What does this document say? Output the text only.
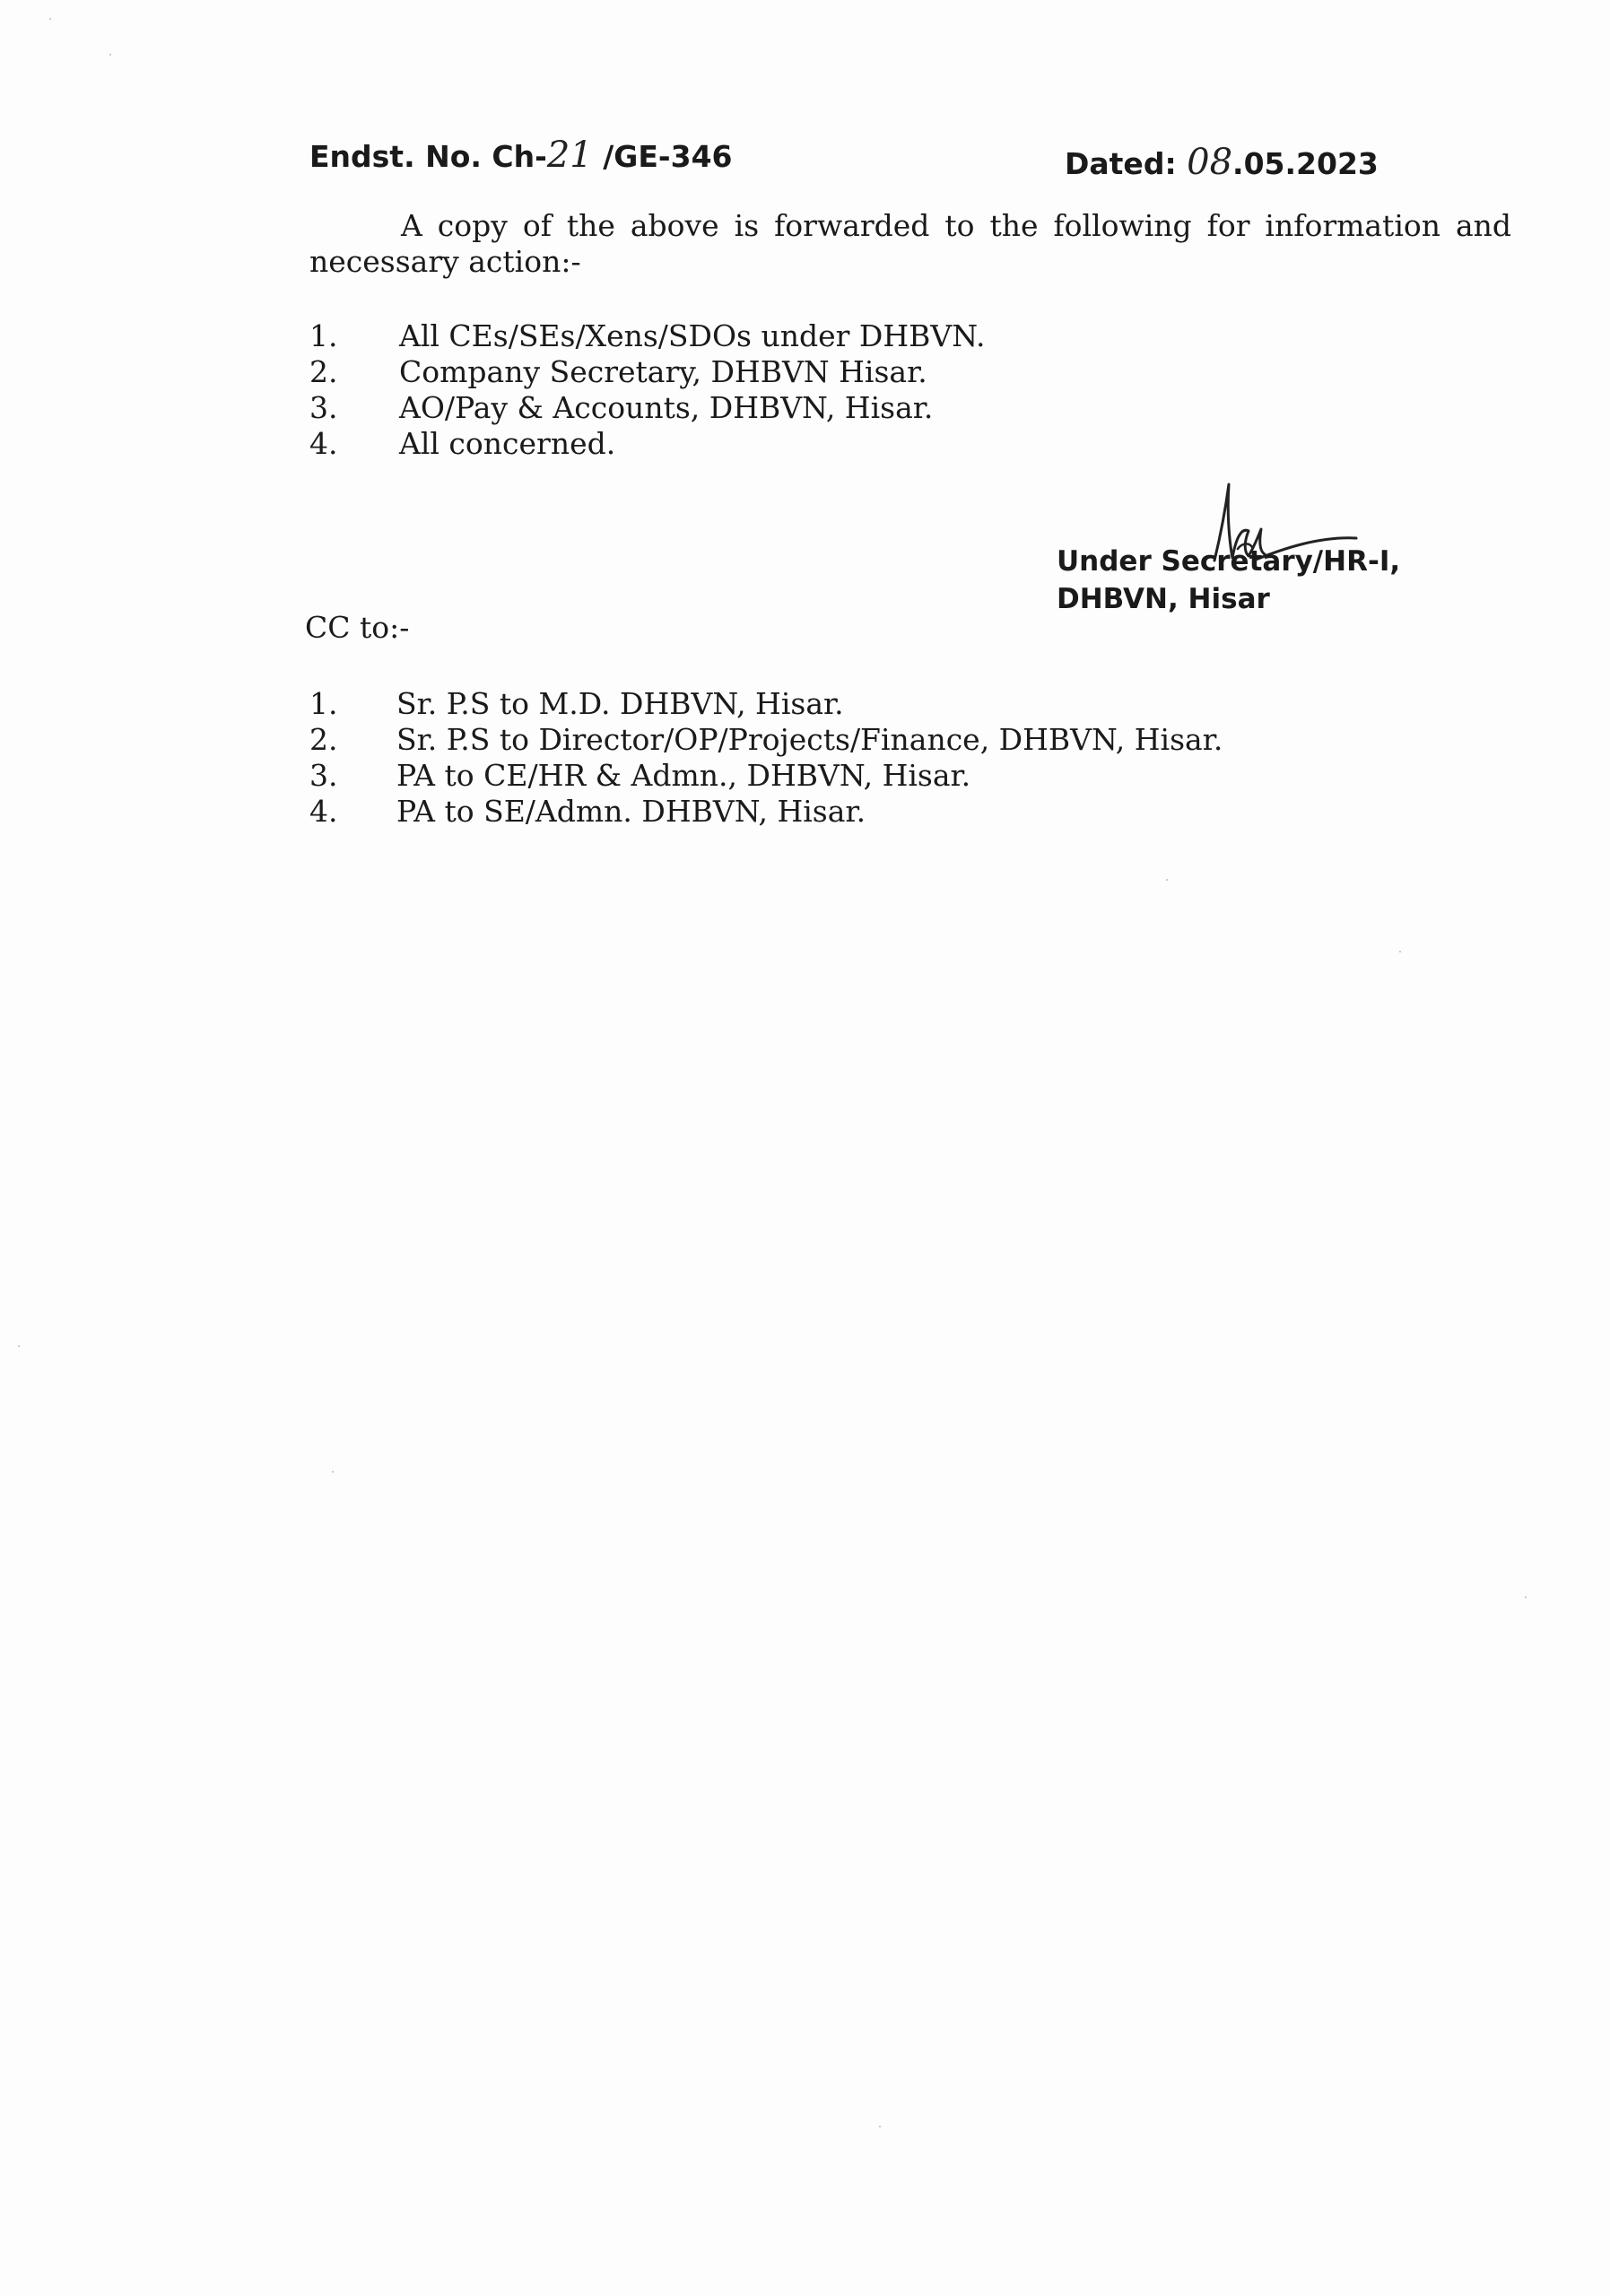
Endst. No. Ch-21 /GE-346	Dated: 08.05.2023
A copy of the above is forwarded to the following for information and necessary action:-
1.	All CEs/SEs/Xens/SDOs under DHBVN.
2.	Company Secretary, DHBVN Hisar.
3.	AO/Pay & Accounts, DHBVN, Hisar.
4.	All concerned.
Under Secretary/HR-I,
DHBVN, Hisar
CC to:-
1.	Sr. P.S to M.D. DHBVN, Hisar.
2.	Sr. P.S to Director/OP/Projects/Finance, DHBVN, Hisar.
3.	PA to CE/HR & Admn., DHBVN, Hisar.
4.	PA to SE/Admn. DHBVN, Hisar.
